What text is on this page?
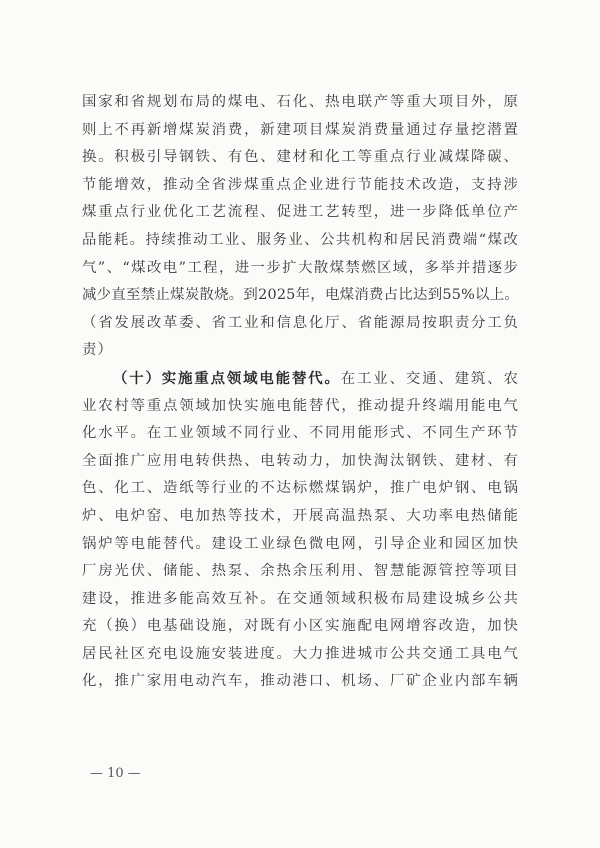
国家和省规划布局的煤电、石化、热电联产等重大项目外，原
则上不再新增煤炭消费，新建项目煤炭消费量通过存量挖潜置
换。积极引导钢铁、有色、建材和化工等重点行业减煤降碳、
节能增效，推动全省涉煤重点企业进行节能技术改造，支持涉
煤重点行业优化工艺流程、促进工艺转型，进一步降低单位产
品能耗。持续推动工业、服务业、公共机构和居民消费端“煤改
气”、“煤改电”工程，进一步扩大散煤禁燃区域，多举并措逐步
减少直至禁止煤炭散烧。到2025年，电煤消费占比达到55%以上。
（省发展改革委、省工业和信息化厅、省能源局按职责分工负
责）
（十）实施重点领域电能替代。在工业、交通、建筑、农
业农村等重点领域加快实施电能替代，推动提升终端用能电气
化水平。在工业领域不同行业、不同用能形式、不同生产环节
全面推广应用电转供热、电转动力，加快淘汰钢铁、建材、有
色、化工、造纸等行业的不达标燃煤锅炉，推广电炉钢、电锅
炉、电炉窑、电加热等技术，开展高温热泵、大功率电热储能
锅炉等电能替代。建设工业绿色微电网，引导企业和园区加快
厂房光伏、储能、热泵、余热余压利用、智慧能源管控等项目
建设，推进多能高效互补。在交通领域积极布局建设城乡公共
充（换）电基础设施，对既有小区实施配电网增容改造，加快
居民社区充电设施安装进度。大力推进城市公共交通工具电气
化，推广家用电动汽车，推动港口、机场、厂矿企业内部车辆
— 10 —
